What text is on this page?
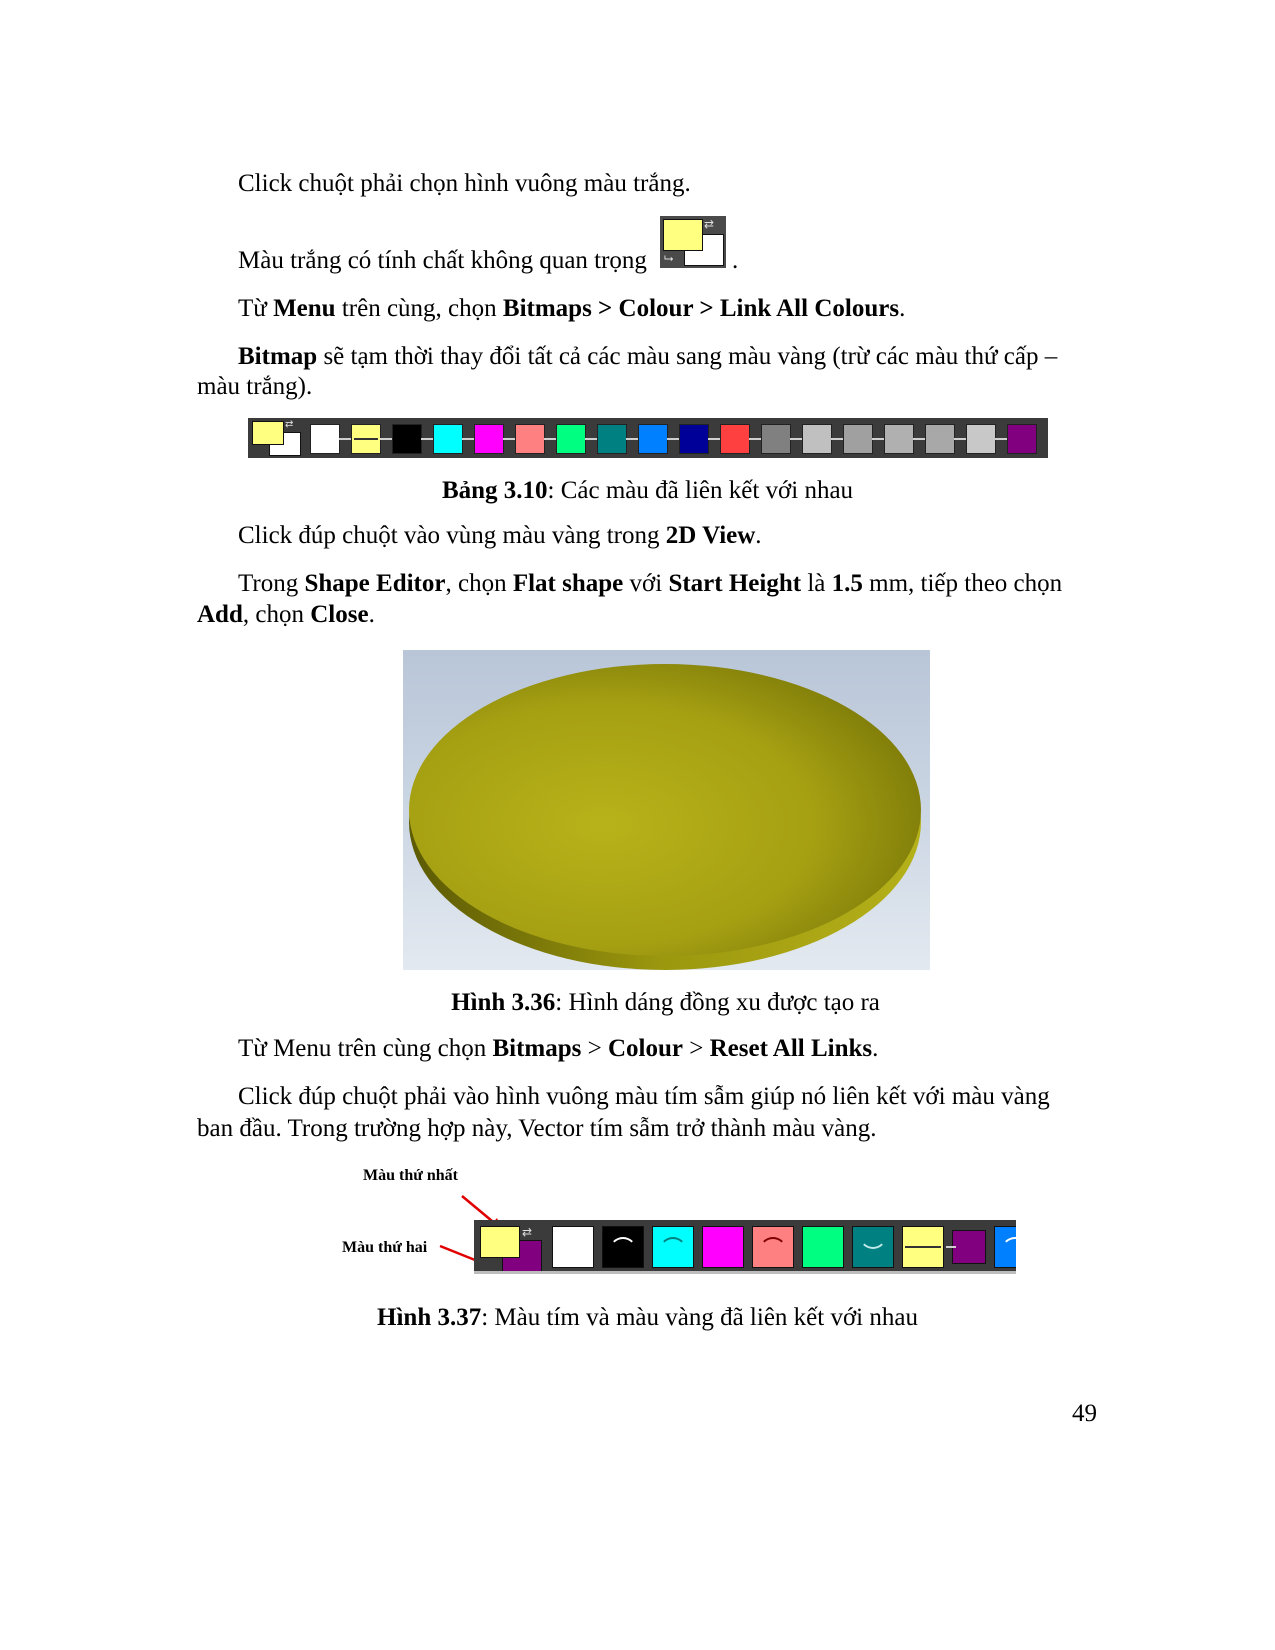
Click chuột phải chọn hình vuông màu trắng.
Màu trắng có tính chất không quan trọng
⇄
⮡ .
Từ Menu trên cùng, chọn Bitmaps > Colour > Link All Colours.
Bitmap sẽ tạm thời thay đổi tất cả các màu sang màu vàng (trừ các màu thứ cấp –
màu trắng).
⇄
Bảng 3.10: Các màu đã liên kết với nhau
Click đúp chuột vào vùng màu vàng trong 2D View.
Trong Shape Editor, chọn Flat shape với Start Height là 1.5 mm, tiếp theo chọn
Add, chọn Close.
Hình 3.36: Hình dáng đồng xu được tạo ra
Từ Menu trên cùng chọn Bitmaps > Colour > Reset All Links.
Click đúp chuột phải vào hình vuông màu tím sẫm giúp nó liên kết với màu vàng
ban đầu. Trong trường hợp này, Vector tím sẫm trở thành màu vàng.
Màu thứ nhất
Màu thứ hai
⇄
Hình 3.37: Màu tím và màu vàng đã liên kết với nhau
49
